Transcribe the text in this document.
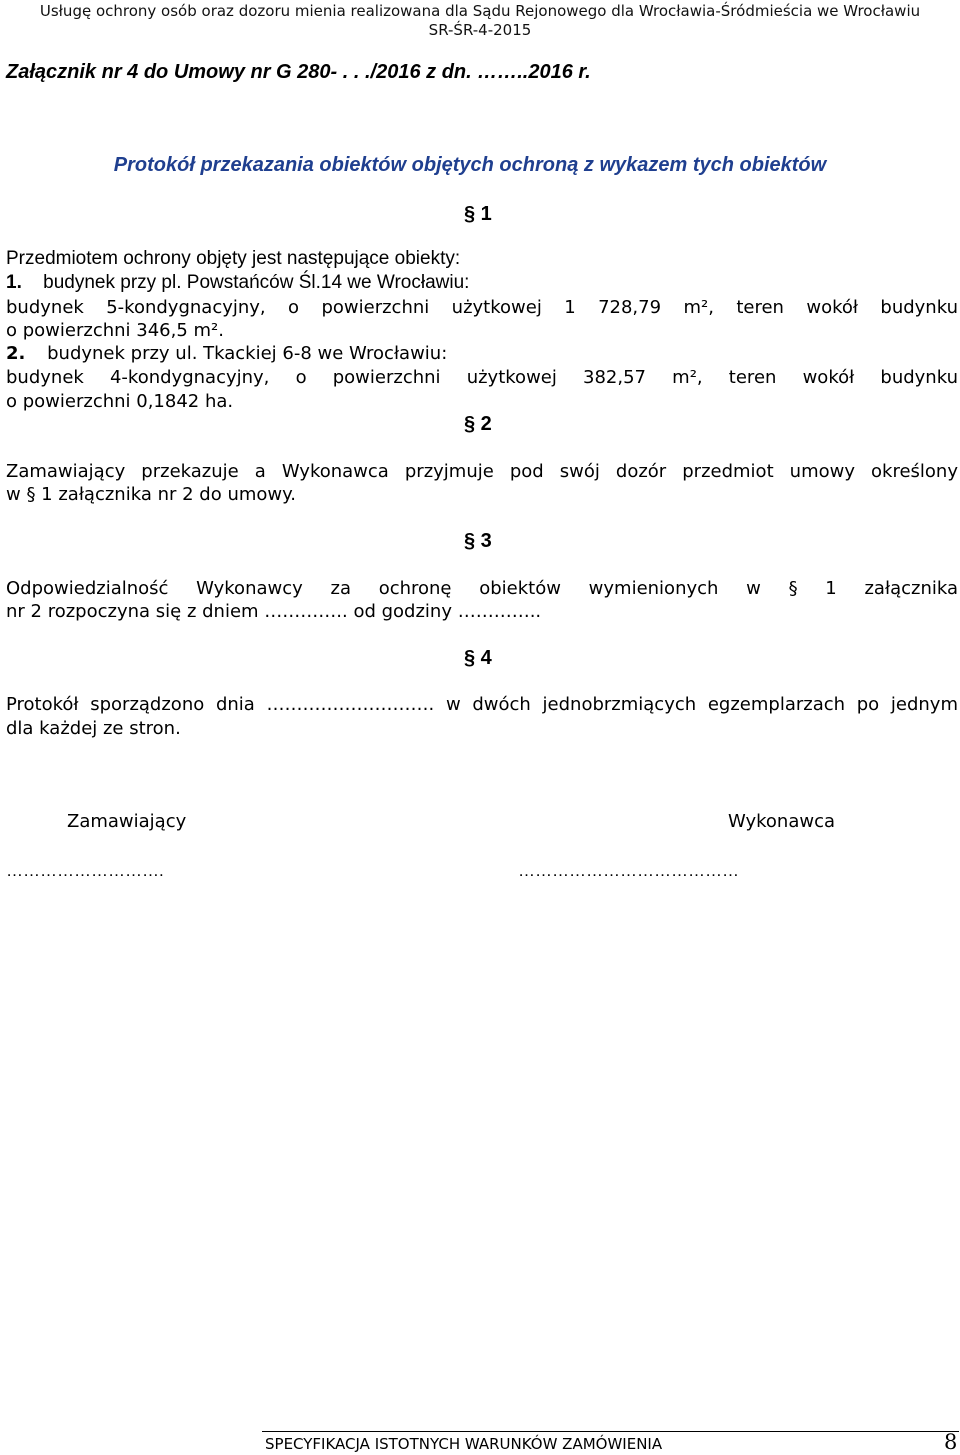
Usługę ochrony osób oraz dozoru mienia realizowana dla Sądu Rejonowego dla Wrocławia-Śródmieścia we Wrocławiu
SR-ŚR-4-2015
Załącznik nr 4 do Umowy nr G 280- . . ./2016 z dn. ……..2016 r.
Protokół przekazania obiektów objętych ochroną z wykazem tych obiektów
§ 1
Przedmiotem ochrony objęty jest następujące obiekty:
1. budynek przy pl. Powstańców Śl.14 we Wrocławiu:
budynek 5-kondygnacyjny, o powierzchni użytkowej 1 728,79 m², teren wokół budynku
o powierzchni 346,5 m².
2. budynek przy ul. Tkackiej 6-8 we Wrocławiu:
budynek 4-kondygnacyjny, o powierzchni użytkowej 382,57 m², teren wokół budynku
o powierzchni 0,1842 ha.
§ 2
Zamawiający przekazuje a Wykonawca przyjmuje pod swój dozór przedmiot umowy określony
w § 1 załącznika nr 2 do umowy.
§ 3
Odpowiedzialność Wykonawcy za ochronę obiektów wymienionych w § 1 załącznika
nr 2 rozpoczyna się z dniem ………….. od godziny …………..
§ 4
Protokół sporządzono dnia ………………………. w dwóch jednobrzmiących egzemplarzach po jednym
dla każdej ze stron.
Zamawiający	Wykonawca
……………………….	…………………………………
SPECYFIKACJA ISTOTNYCH WARUNKÓW ZAMÓWIENIA	8
